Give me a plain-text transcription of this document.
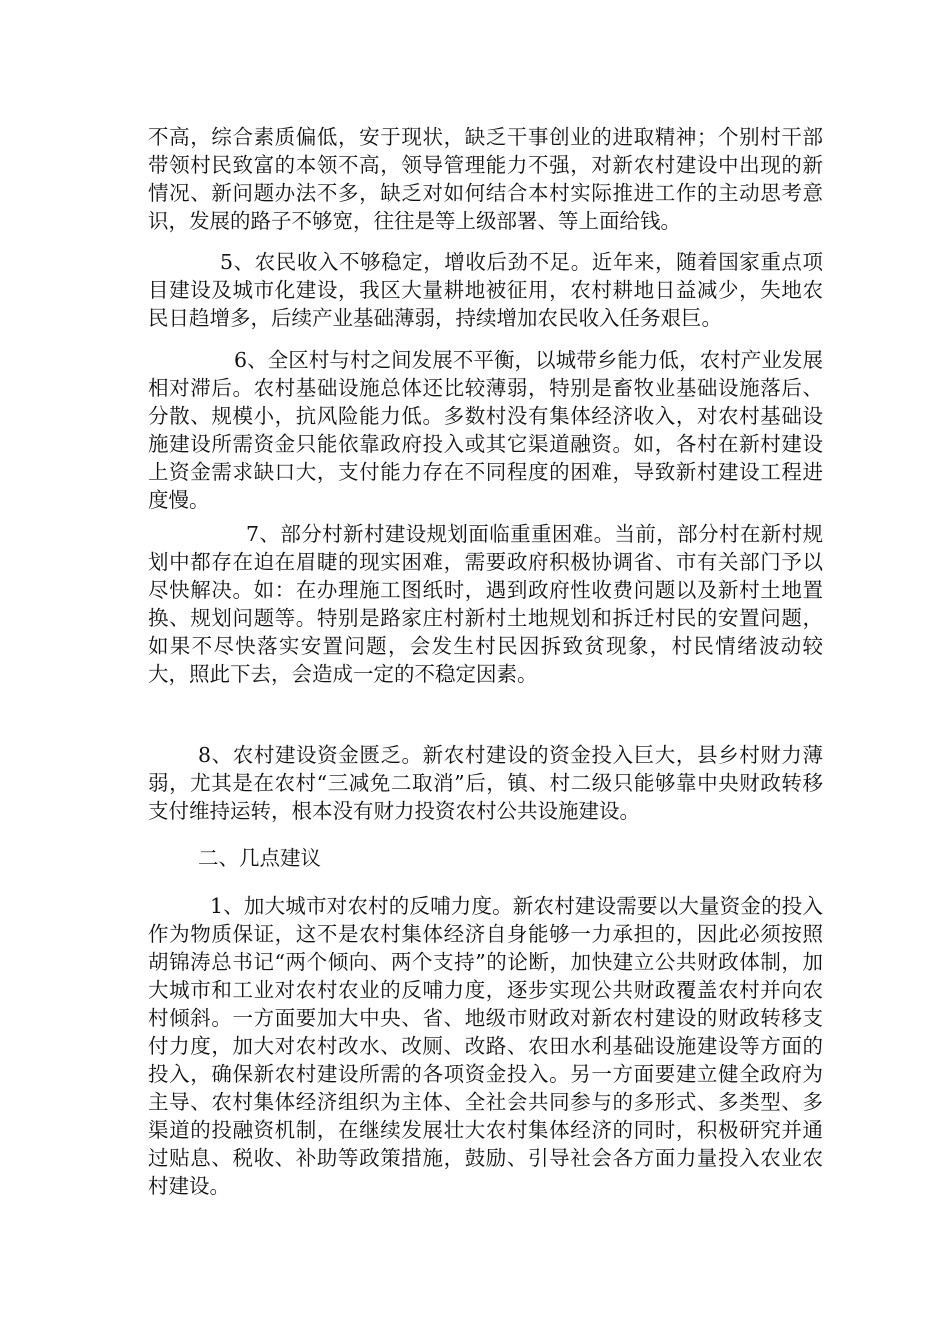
不高，综合素质偏低，安于现状，缺乏干事创业的进取精神；个别村干部带领村民致富的本领不高，领导管理能力不强，对新农村建设中出现的新情况、新问题办法不多，缺乏对如何结合本村实际推进工作的主动思考意识，发展的路子不够宽，往往是等上级部署、等上面给钱。

5、农民收入不够稳定，增收后劲不足。近年来，随着国家重点项目建设及城市化建设，我区大量耕地被征用，农村耕地日益减少，失地农民日趋增多，后续产业基础薄弱，持续增加农民收入任务艰巨。

6、全区村与村之间发展不平衡，以城带乡能力低，农村产业发展相对滞后。农村基础设施总体还比较薄弱，特别是畜牧业基础设施落后、分散、规模小，抗风险能力低。多数村没有集体经济收入，对农村基础设施建设所需资金只能依靠政府投入或其它渠道融资。如，各村在新村建设上资金需求缺口大，支付能力存在不同程度的困难，导致新村建设工程进度慢。

7、部分村新村建设规划面临重重困难。当前，部分村在新村规划中都存在迫在眉睫的现实困难，需要政府积极协调省、市有关部门予以尽快解决。如：在办理施工图纸时，遇到政府性收费问题以及新村土地置换、规划问题等。特别是路家庄村新村土地规划和拆迁村民的安置问题，如果不尽快落实安置问题，会发生村民因拆致贫现象，村民情绪波动较大，照此下去，会造成一定的不稳定因素。

8、农村建设资金匮乏。新农村建设的资金投入巨大，县乡村财力薄弱，尤其是在农村“三减免二取消”后，镇、村二级只能够靠中央财政转移支付维持运转，根本没有财力投资农村公共设施建设。

二、几点建议

1、加大城市对农村的反哺力度。新农村建设需要以大量资金的投入作为物质保证，这不是农村集体经济自身能够一力承担的，因此必须按照胡锦涛总书记“两个倾向、两个支持”的论断，加快建立公共财政体制，加大城市和工业对农村农业的反哺力度，逐步实现公共财政覆盖农村并向农村倾斜。一方面要加大中央、省、地级市财政对新农村建设的财政转移支付力度，加大对农村改水、改厕、改路、农田水利基础设施建设等方面的投入，确保新农村建设所需的各项资金投入。另一方面要建立健全政府为主导、农村集体经济组织为主体、全社会共同参与的多形式、多类型、多渠道的投融资机制，在继续发展壮大农村集体经济的同时，积极研究并通过贴息、税收、补助等政策措施，鼓励、引导社会各方面力量投入农业农村建设。
